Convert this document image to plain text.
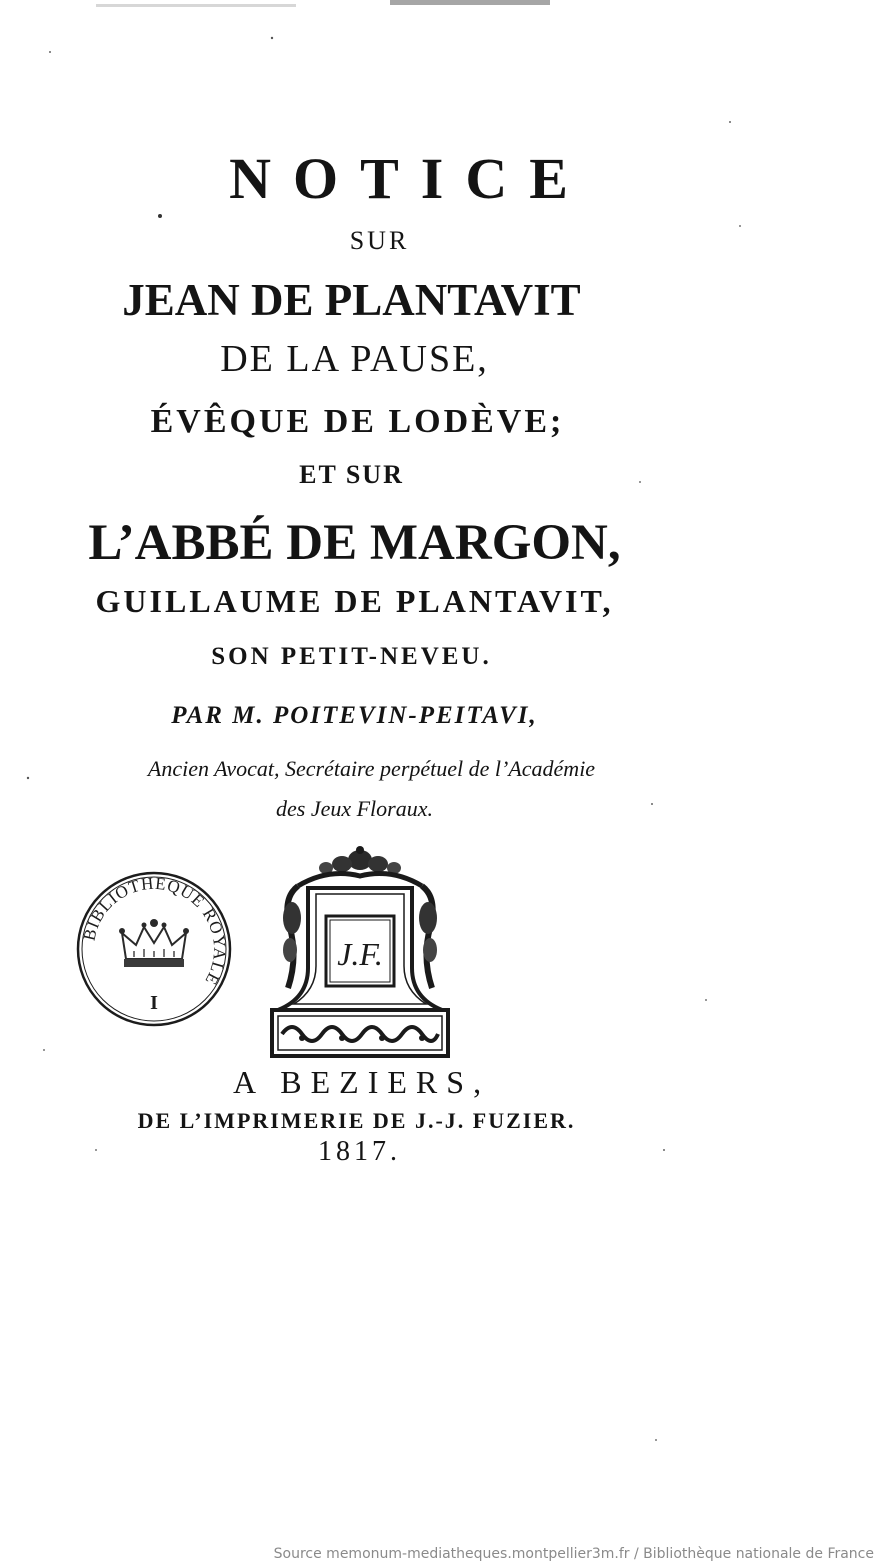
NOTICE
SUR
JEAN DE PLANTAVIT
DE LA PAUSE,
ÉVÊQUE DE LODÈVE;
ET SUR
L’ABBÉ DE MARGON,
GUILLAUME DE PLANTAVIT,
SON PETIT-NEVEU.
PAR M. POITEVIN-PEITAVI,
Ancien Avocat, Secrétaire perpétuel de l’Académie
des Jeux Floraux.
BIBLIOTHEQUE ROYALE
I
J.F.
A BEZIERS,
DE L’IMPRIMERIE DE J.-J. FUZIER.
1817.
Source memonum-mediatheques.montpellier3m.fr / Bibliothèque nationale de France
